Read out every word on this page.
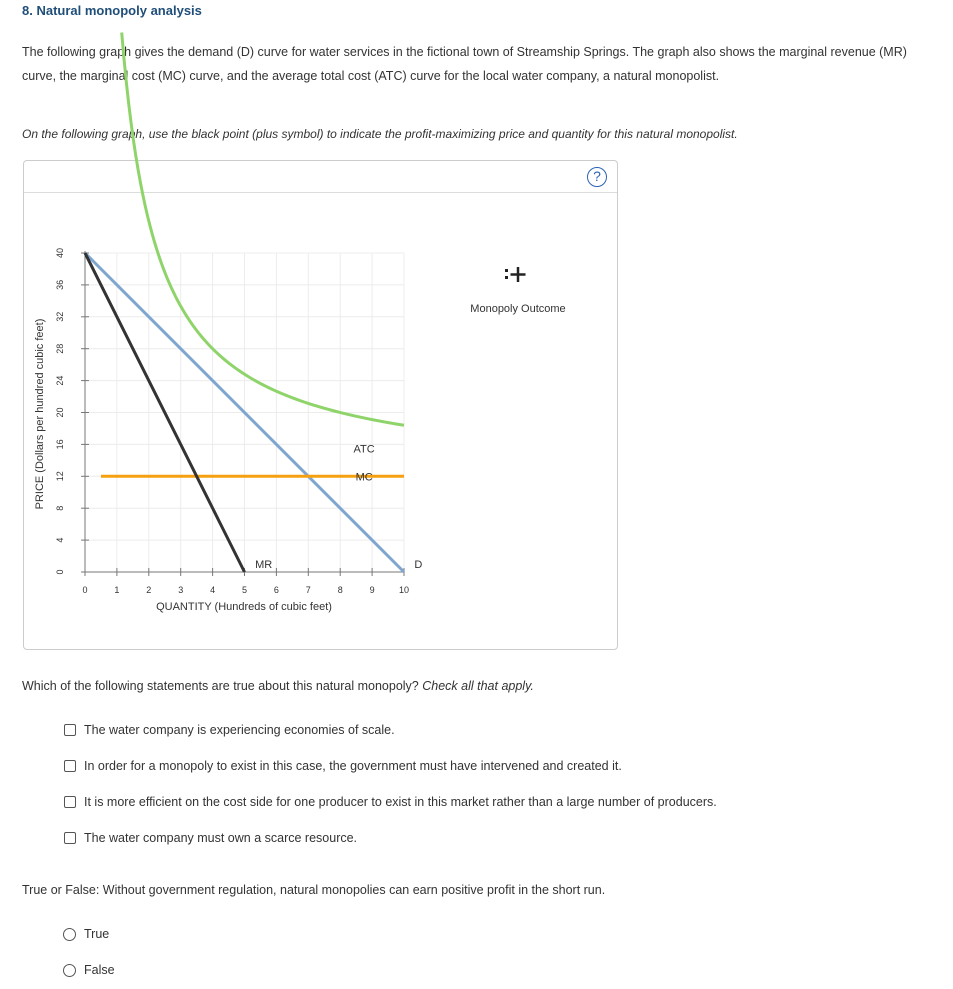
8. Natural monopoly analysis
The following graph gives the demand (D) curve for water services in the fictional town of Streamship Springs. The graph also shows the marginal revenue (MR) curve, the marginal cost (MC) curve, and the average total cost (ATC) curve for the local water company, a natural monopolist.
On the following graph, use the black point (plus symbol) to indicate the profit-maximizing price and quantity for this natural monopolist.
?
0	1	2	3	4	5	6	7	8	9	10
0
4
8
12
16
20
24
28
32
36
40
PRICE (Dollars per hundred cubic feet)
QUANTITY (Hundreds of cubic feet)
ATC
MC
MR	D
Monopoly Outcome
Which of the following statements are true about this natural monopoly? Check all that apply.
The water company is experiencing economies of scale.
In order for a monopoly to exist in this case, the government must have intervened and created it.
It is more efficient on the cost side for one producer to exist in this market rather than a large number of producers.
The water company must own a scarce resource.
True or False: Without government regulation, natural monopolies can earn positive profit in the short run.
True
False
